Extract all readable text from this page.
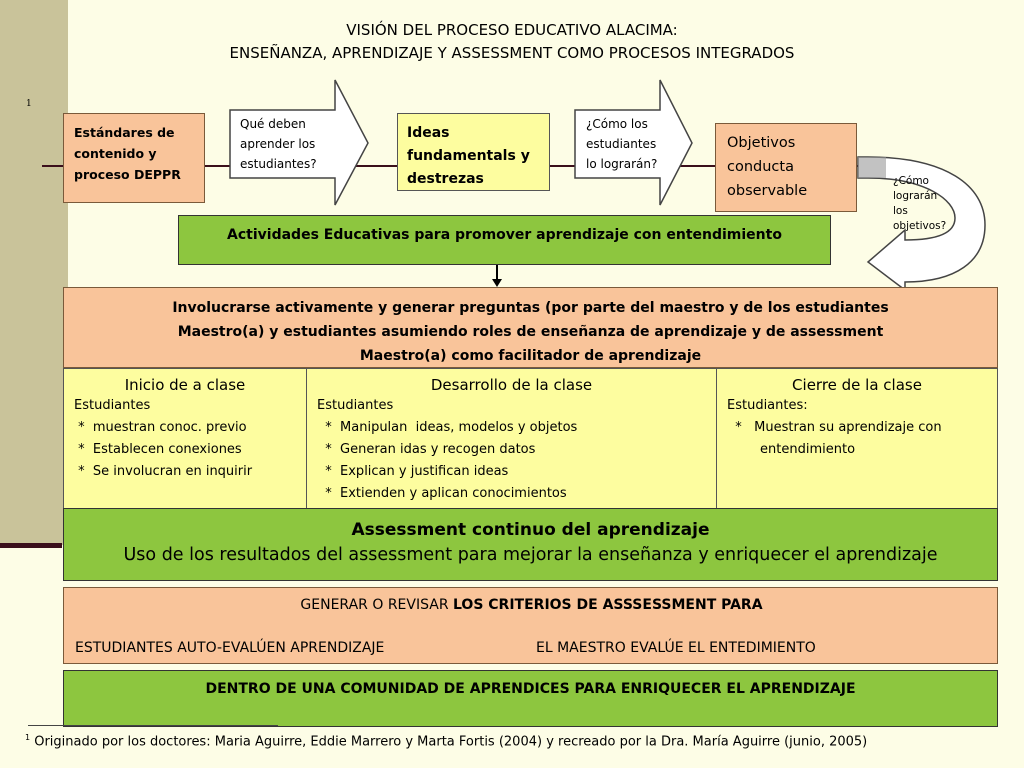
VISIÓN DEL PROCESO EDUCATIVO ALACIMA:
ENSEÑANZA, APRENDIZAJE Y ASSESSMENT COMO PROCESOS INTEGRADOS
1
Estándares de
contenido y
proceso DEPPR
Qué deben
aprender los
estudiantes?
Ideas
fundamentals y
destrezas
¿Cómo los
estudiantes
lo lograrán?
Objetivos
conducta
observable
¿Cómo
lograrán
los
objetivos?
Actividades Educativas para promover aprendizaje con entendimiento
Involucrarse activamente y generar preguntas (por parte del maestro y de los estudiantes
Maestro(a) y estudiantes asumiendo roles de enseñanza de aprendizaje y de assessment
Maestro(a) como facilitador de aprendizaje
Inicio de a clase
Estudiantes
*  muestran conoc. previo
*  Establecen conexiones
*  Se involucran en inquirir
Desarrollo de la clase
Estudiantes
*  Manipulan  ideas, modelos y objetos
*  Generan idas y recogen datos
*  Explican y justifican ideas
*  Extienden y aplican conocimientos
Cierre de la clase
Estudiantes:
*   Muestran su aprendizaje con
entendimiento
Assessment continuo del aprendizaje
Uso de los resultados del assessment para mejorar la enseñanza y enriquecer el aprendizaje
GENERAR O REVISAR LOS CRITERIOS DE ASSSESSMENT PARA
ESTUDIANTES AUTO-EVALÚEN APRENDIZAJE	EL MAESTRO EVALÚE EL ENTEDIMIENTO
DENTRO DE UNA COMUNIDAD DE APRENDICES PARA ENRIQUECER EL APRENDIZAJE
$^1$ Originado por los doctores: Maria Aguirre, Eddie Marrero y Marta Fortis (2004) y recreado por la Dra. María Aguirre (junio, 2005)
